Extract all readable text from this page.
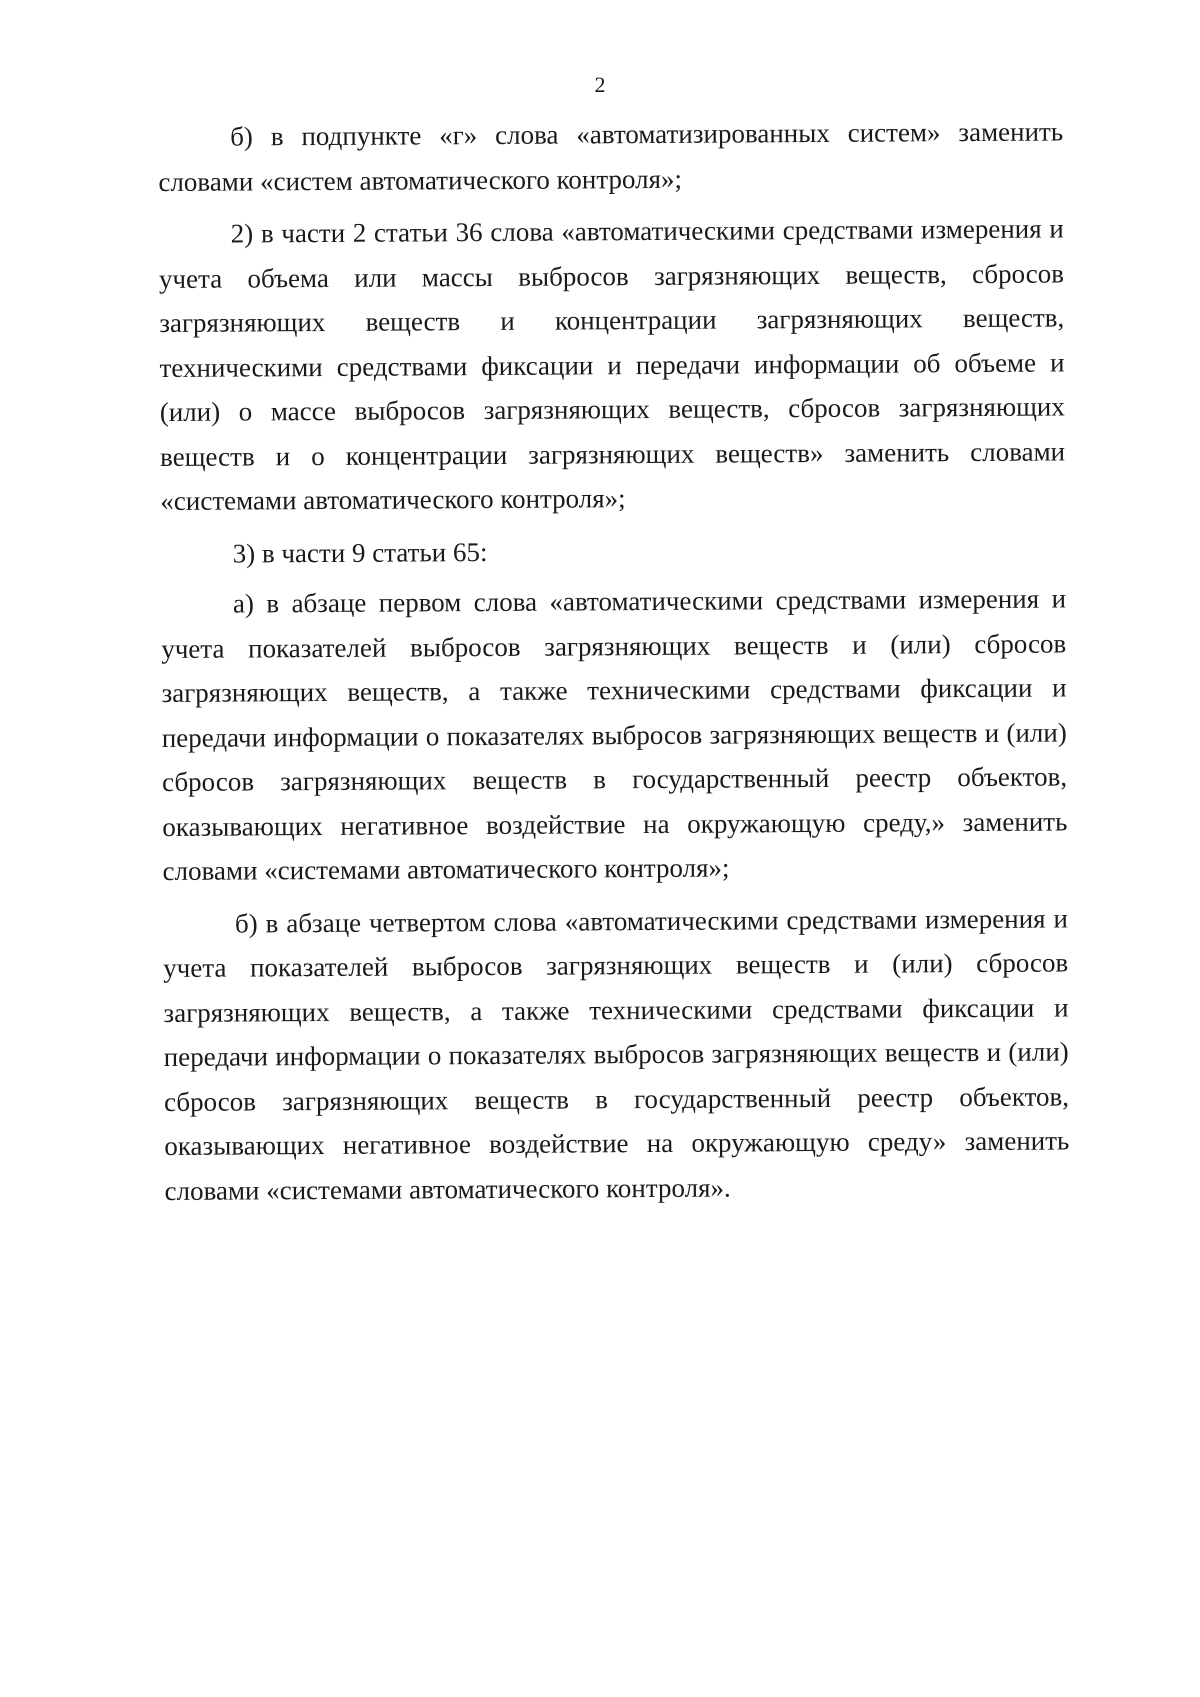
2

б) в подпункте «г» слова «автоматизированных систем» заменить словами «систем автоматического контроля»;

2) в части 2 статьи 36 слова «автоматическими средствами измерения и учета объема или массы выбросов загрязняющих веществ, сбросов загрязняющих веществ и концентрации загрязняющих веществ, техническими средствами фиксации и передачи информации об объеме и (или) о массе выбросов загрязняющих веществ, сбросов загрязняющих веществ и о концентрации загрязняющих веществ» заменить словами «системами автоматического контроля»;

3) в части 9 статьи 65:

а) в абзаце первом слова «автоматическими средствами измерения и учета показателей выбросов загрязняющих веществ и (или) сбросов загрязняющих веществ, а также техническими средствами фиксации и передачи информации о показателях выбросов загрязняющих веществ и (или) сбросов загрязняющих веществ в государственный реестр объектов, оказывающих негативное воздействие на окружающую среду,» заменить словами «системами автоматического контроля»;

б) в абзаце четвертом слова «автоматическими средствами измерения и учета показателей выбросов загрязняющих веществ и (или) сбросов загрязняющих веществ, а также техническими средствами фиксации и передачи информации о показателях выбросов загрязняющих веществ и (или) сбросов загрязняющих веществ в государственный реестр объектов, оказывающих негативное воздействие на окружающую среду» заменить словами «системами автоматического контроля».
